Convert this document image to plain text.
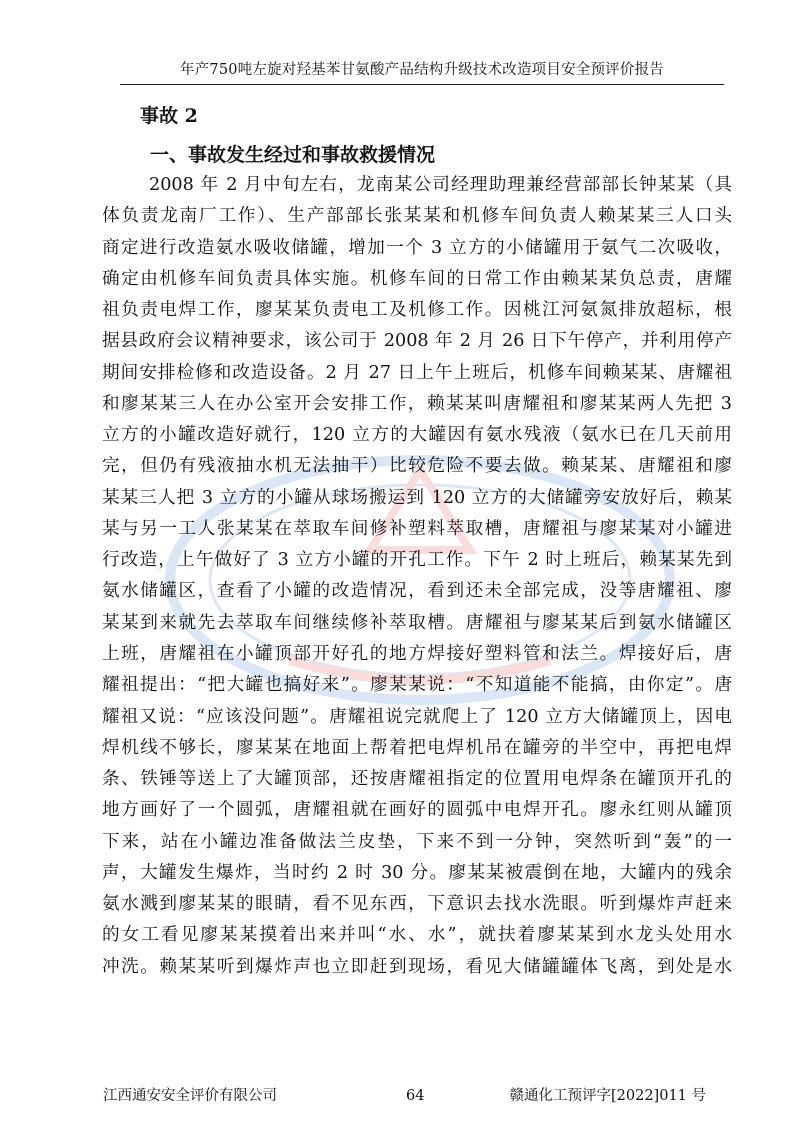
年产750吨左旋对羟基苯甘氨酸产品结构升级技术改造项目安全预评价报告
事故 2
一、事故发生经过和事故救援情况
2008 年 2 月中旬左右，龙南某公司经理助理兼经营部部长钟某某（具
体负责龙南厂工作）、生产部部长张某某和机修车间负责人赖某某三人口头
商定进行改造氨水吸收储罐，增加一个 3 立方的小储罐用于氨气二次吸收，
确定由机修车间负责具体实施。机修车间的日常工作由赖某某负总责，唐耀
祖负责电焊工作，廖某某负责电工及机修工作。因桃江河氨氮排放超标，根
据县政府会议精神要求，该公司于 2008 年 2 月 26 日下午停产，并利用停产
期间安排检修和改造设备。2 月 27 日上午上班后，机修车间赖某某、唐耀祖
和廖某某三人在办公室开会安排工作，赖某某叫唐耀祖和廖某某两人先把 3
立方的小罐改造好就行，120 立方的大罐因有氨水残液（氨水已在几天前用
完，但仍有残液抽水机无法抽干）比较危险不要去做。赖某某、唐耀祖和廖
某某三人把 3 立方的小罐从球场搬运到 120 立方的大储罐旁安放好后，赖某
某与另一工人张某某在萃取车间修补塑料萃取槽，唐耀祖与廖某某对小罐进
行改造，上午做好了 3 立方小罐的开孔工作。下午 2 时上班后，赖某某先到
氨水储罐区，查看了小罐的改造情况，看到还未全部完成，没等唐耀祖、廖
某某到来就先去萃取车间继续修补萃取槽。唐耀祖与廖某某后到氨水储罐区
上班，唐耀祖在小罐顶部开好孔的地方焊接好塑料管和法兰。焊接好后，唐
耀祖提出：“把大罐也搞好来”。廖某某说：“不知道能不能搞，由你定”。唐
耀祖又说：“应该没问题”。唐耀祖说完就爬上了 120 立方大储罐顶上，因电
焊机线不够长，廖某某在地面上帮着把电焊机吊在罐旁的半空中，再把电焊
条、铁锤等送上了大罐顶部，还按唐耀祖指定的位置用电焊条在罐顶开孔的
地方画好了一个圆弧，唐耀祖就在画好的圆弧中电焊开孔。廖永红则从罐顶
下来，站在小罐边准备做法兰皮垫，下来不到一分钟，突然听到“轰”的一
声，大罐发生爆炸，当时约 2 时 30 分。廖某某被震倒在地，大罐内的残余
氨水溅到廖某某的眼睛，看不见东西，下意识去找水洗眼。听到爆炸声赶来
的女工看见廖某某摸着出来并叫“水、水”，就扶着廖某某到水龙头处用水
冲洗。赖某某听到爆炸声也立即赶到现场，看见大储罐罐体飞离，到处是水
江西通安安全评价有限公司	64	赣通化工预评字[2022]011 号
